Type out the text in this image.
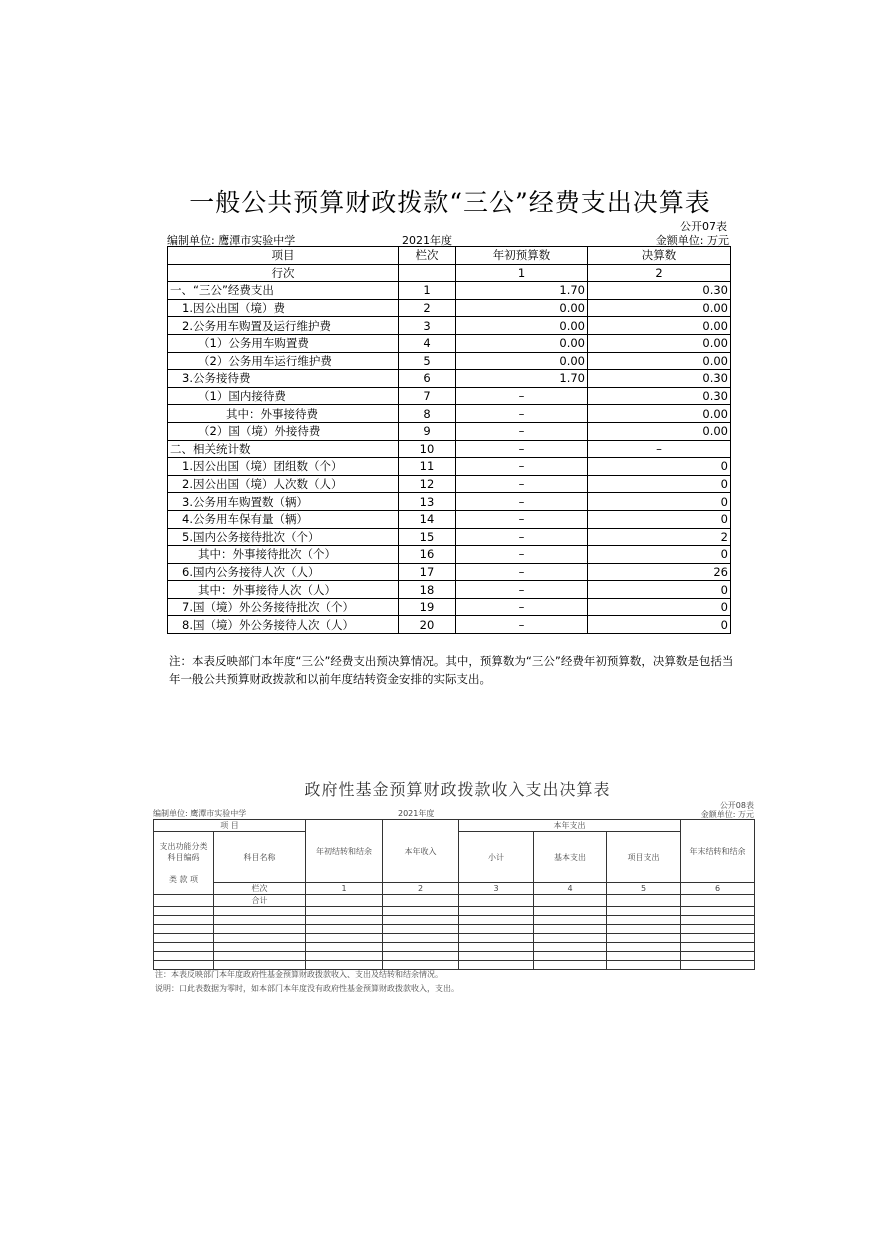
一般公共预算财政拨款“三公”经费支出决算表
公开07表
编制单位: 鹰潭市实验中学	2021年度	金额单位: 万元
项目	栏次	年初预算数	决算数
行次		1	2
一、“三公”经费支出	1	1.70	0.30
1.因公出国（境）费	2	0.00	0.00
2.公务用车购置及运行维护费	3	0.00	0.00
（1）公务用车购置费	4	0.00	0.00
（2）公务用车运行维护费	5	0.00	0.00
3.公务接待费	6	1.70	0.30
（1）国内接待费	7	–	0.30
其中：外事接待费	8	–	0.00
（2）国（境）外接待费	9	–	0.00
二、相关统计数	10	–	–
1.因公出国（境）团组数（个）	11	–	0
2.因公出国（境）人次数（人）	12	–	0
3.公务用车购置数（辆）	13	–	0
4.公务用车保有量（辆）	14	–	0
5.国内公务接待批次（个）	15	–	2
其中：外事接待批次（个）	16	–	0
6.国内公务接待人次（人）	17	–	26
其中：外事接待人次（人）	18	–	0
7.国（境）外公务接待批次（个）	19	–	0
8.国（境）外公务接待人次（人）	20	–	0
注：本表反映部门本年度“三公”经费支出预决算情况。其中，预算数为“三公”经费年初预算数，决算数是包括当年一般公共预算财政拨款和以前年度结转资金安排的实际支出。
政府性基金预算财政拨款收入支出决算表
编制单位: 鹰潭市实验中学	2021年度
公开08表
金额单位: 万元
项 目		年初结转和结余	本年收入	本年支出			年末结转和结余
支出功能分类科目编码

类 款 项	科目名称			小计	基本支出	项目支出	
	栏次	1	2	3	4	5	6
	合计						

注：本表反映部门本年度政府性基金预算财政拨款收入、支出及结转和结余情况。
说明：口此表数据为零时，如本部门本年度没有政府性基金预算财政拨款收入，支出。
